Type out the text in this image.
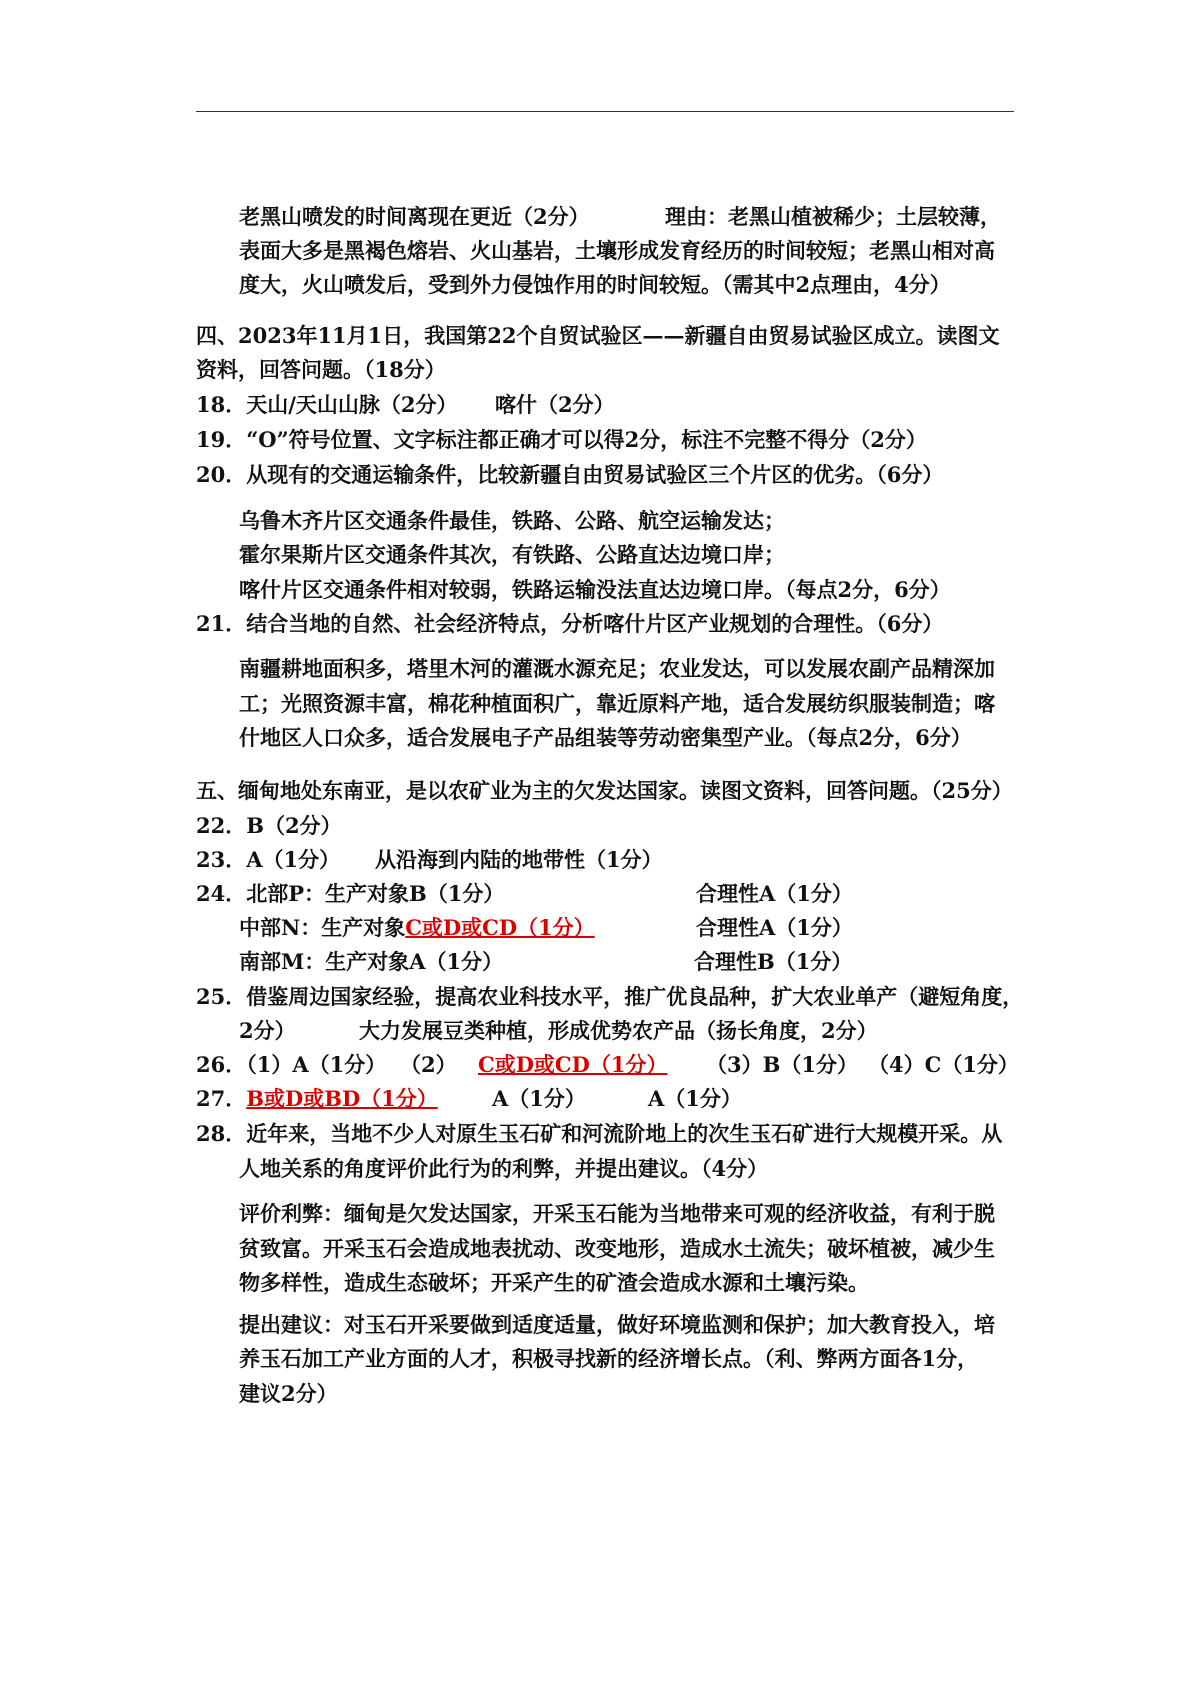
老黑山喷发的时间离现在更近（2分）	理由：老黑山植被稀少；土层较薄，
表面大多是黑褐色熔岩、火山基岩，土壤形成发育经历的时间较短；老黑山相对高
度大，火山喷发后，受到外力侵蚀作用的时间较短。（需其中2点理由，4分）
四、2023年11月1日，我国第22个自贸试验区——新疆自由贸易试验区成立。读图文
资料，回答问题。（18分）
18．天山/天山山脉（2分） 喀什（2分）
19．“O”符号位置、文字标注都正确才可以得2分，标注不完整不得分（2分）
20．从现有的交通运输条件，比较新疆自由贸易试验区三个片区的优劣。（6分）
乌鲁木齐片区交通条件最佳，铁路、公路、航空运输发达；
霍尔果斯片区交通条件其次，有铁路、公路直达边境口岸；
喀什片区交通条件相对较弱，铁路运输没法直达边境口岸。（每点2分，6分）
21．结合当地的自然、社会经济特点，分析喀什片区产业规划的合理性。（6分）
南疆耕地面积多，塔里木河的灌溉水源充足；农业发达，可以发展农副产品精深加
工；光照资源丰富，棉花种植面积广，靠近原料产地，适合发展纺织服装制造；喀
什地区人口众多，适合发展电子产品组装等劳动密集型产业。（每点2分，6分）
五、缅甸地处东南亚，是以农矿业为主的欠发达国家。读图文资料，回答问题。（25分）
22．B（2分）
23．A（1分） 从沿海到内陆的地带性（1分）
24．北部P：生产对象B（1分）	合理性A（1分）
中部N：生产对象C或D或CD（1分）	合理性A（1分）
南部M：生产对象A（1分）	合理性B（1分）
25．借鉴周边国家经验，提高农业科技水平，推广优良品种，扩大农业单产（避短角度，
2分）	大力发展豆类种植，形成优势农产品（扬长角度，2分）
26．（1）A（1分） （2） C或D或CD（1分） （3）B（1分） （4）C（1分）
27．B或D或BD（1分）	A（1分）	A（1分）
28．近年来，当地不少人对原生玉石矿和河流阶地上的次生玉石矿进行大规模开采。从
人地关系的角度评价此行为的利弊，并提出建议。（4分）
评价利弊：缅甸是欠发达国家，开采玉石能为当地带来可观的经济收益，有利于脱
贫致富。开采玉石会造成地表扰动、改变地形，造成水土流失；破坏植被，减少生
物多样性，造成生态破坏；开采产生的矿渣会造成水源和土壤污染。
提出建议：对玉石开采要做到适度适量，做好环境监测和保护；加大教育投入，培
养玉石加工产业方面的人才，积极寻找新的经济增长点。（利、弊两方面各1分，
建议2分）
